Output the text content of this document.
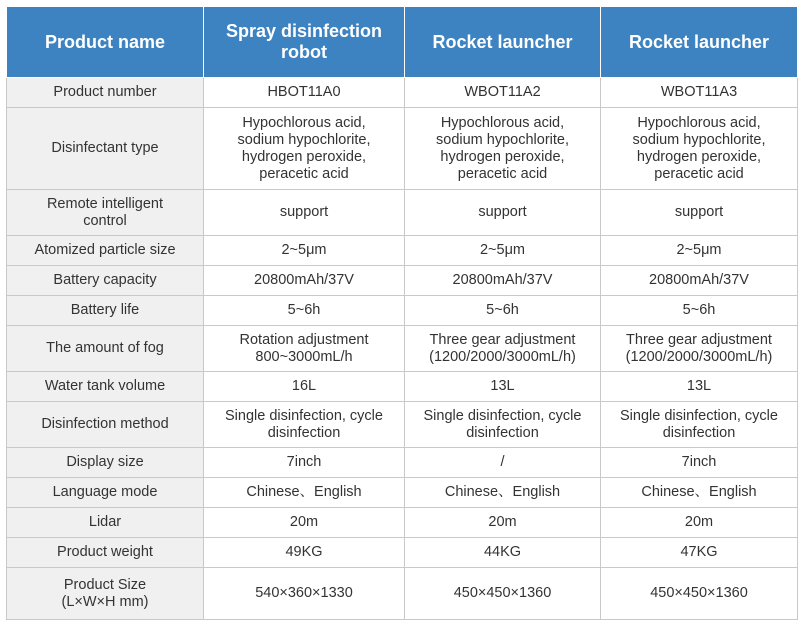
Product name	Spray disinfection robot	Rocket launcher	Rocket launcher
Product number	HBOT11A0	WBOT11A2	WBOT11A3
Disinfectant type	Hypochlorous acid,
sodium hypochlorite,
hydrogen peroxide,
peracetic acid	Hypochlorous acid,
sodium hypochlorite,
hydrogen peroxide,
peracetic acid	Hypochlorous acid,
sodium hypochlorite,
hydrogen peroxide,
peracetic acid
Remote intelligent
control	support	support	support
Atomized particle size	2~5μm	2~5μm	2~5μm
Battery capacity	20800mAh/37V	20800mAh/37V	20800mAh/37V
Battery life	5~6h	5~6h	5~6h
The amount of fog	Rotation adjustment
800~3000mL/h	Three gear adjustment
(1200/2000/3000mL/h)	Three gear adjustment
(1200/2000/3000mL/h)
Water tank volume	16L	13L	13L
Disinfection method	Single disinfection, cycle
disinfection	Single disinfection, cycle
disinfection	Single disinfection, cycle
disinfection
Display size	7inch	/	7inch
Language mode	Chinese、English	Chinese、English	Chinese、English
Lidar	20m	20m	20m
Product weight	49KG	44KG	47KG
Product Size
(L×W×H mm)	540×360×1330	450×450×1360	450×450×1360
